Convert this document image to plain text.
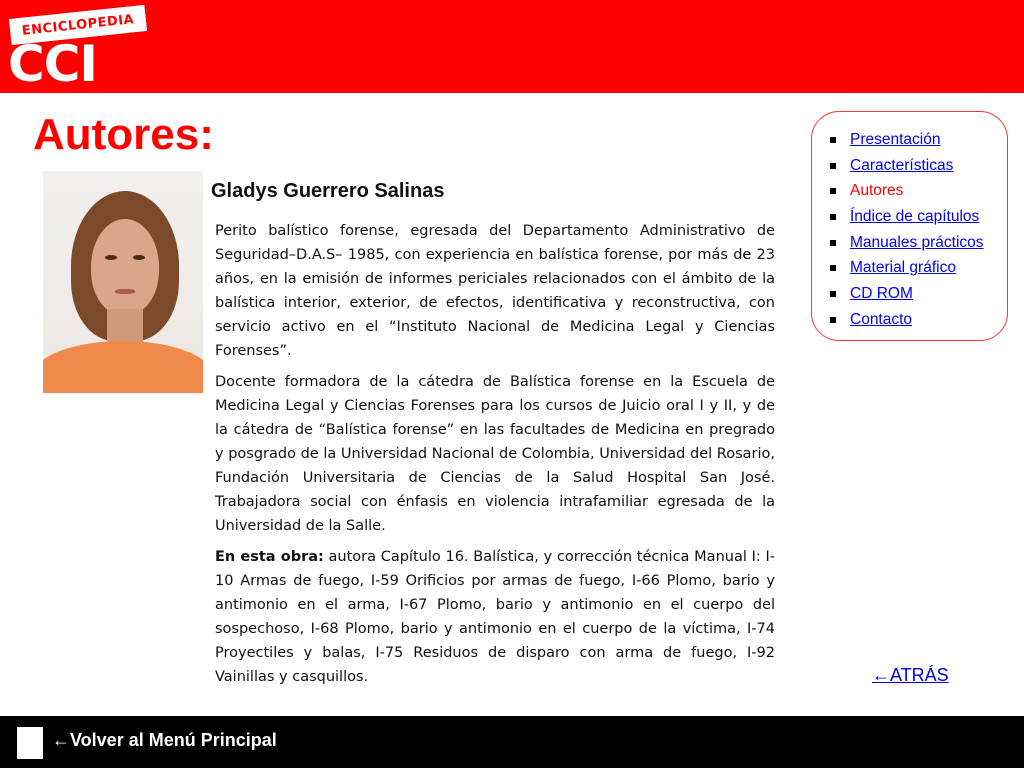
ENCICLOPEDIA
CCI
Autores:
Gladys Guerrero Salinas

Perito balístico forense, egresada del Departamento Administrativo de Seguridad–D.A.S– 1985, con experiencia en balística forense, por más de 23 años, en la emisión de informes periciales relacionados con el ámbito de la balística interior, exterior, de efectos, identificativa y reconstructiva, con servicio activo en el “Instituto Nacional de Medicina Legal y Ciencias Forenses”.

Docente formadora de la cátedra de Balística forense en la Escuela de Medicina Legal y Ciencias Forenses para los cursos de Juicio oral I y II, y de la cátedra de “Balística forense” en las facultades de Medicina en pregrado y posgrado de la Universidad Nacional de Colombia, Universidad del Rosario, Fundación Universitaria de Ciencias de la Salud Hospital San José. Trabajadora social con énfasis en violencia intrafamiliar egresada de la Universidad de la Salle.

En esta obra: autora Capítulo 16. Balística, y corrección técnica Manual I: I-10 Armas de fuego, I-59 Orificios por armas de fuego, I-66 Plomo, bario y antimonio en el arma, I-67 Plomo, bario y antimonio en el cuerpo del sospechoso, I-68 Plomo, bario y antimonio en el cuerpo de la víctima, I-74 Proyectiles y balas, I-75 Residuos de disparo con arma de fuego, I-92 Vainillas y casquillos.

Presentación
Características
Autores
Índice de capítulos
Manuales prácticos
Material gráfico
CD ROM
Contacto
←ATRÁS
←Volver al Menú Principal
